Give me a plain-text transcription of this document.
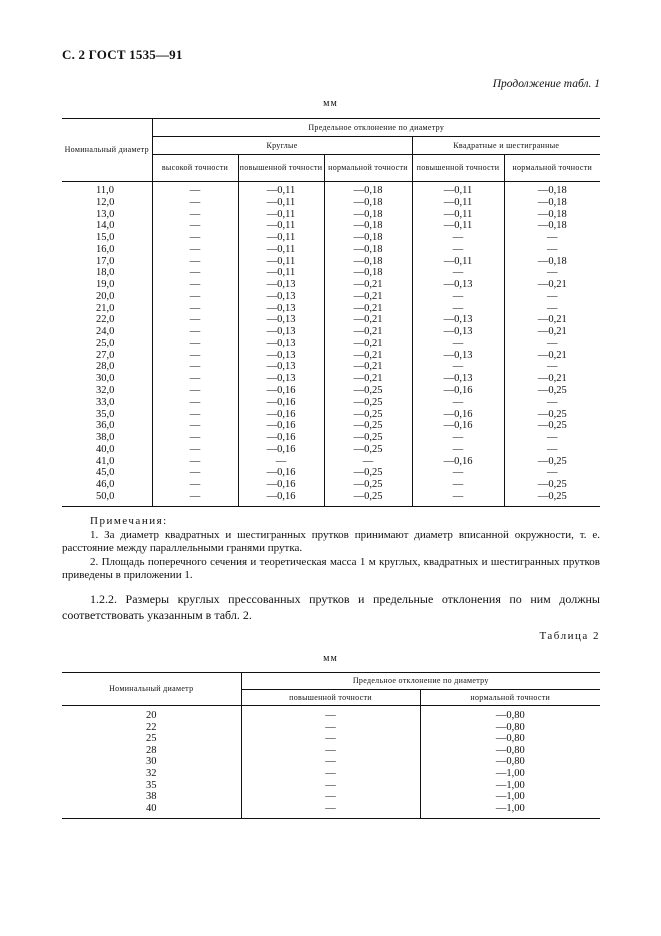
С. 2 ГОСТ 1535—91
Продолжение табл. 1
мм
Номинальный диаметр	Предельное отклонение по диаметру				
	Круглые			Квадратные и шестигранные	
	высокой точности	повышенной точности	нормальной точности	повышенной точности	нормальной точности
11,0	—	—0,11	—0,18	—0,11	—0,18
12,0	—	—0,11	—0,18	—0,11	—0,18
13,0	—	—0,11	—0,18	—0,11	—0,18
14,0	—	—0,11	—0,18	—0,11	—0,18
15,0	—	—0,11	—0,18	—	—
16,0	—	—0,11	—0,18	—	—
17,0	—	—0,11	—0,18	—0,11	—0,18
18,0	—	—0,11	—0,18	—	—
19,0	—	—0,13	—0,21	—0,13	—0,21
20,0	—	—0,13	—0,21	—	—
21,0	—	—0,13	—0,21	—	—
22,0	—	—0,13	—0,21	—0,13	—0,21
24,0	—	—0,13	—0,21	—0,13	—0,21
25,0	—	—0,13	—0,21	—	—
27,0	—	—0,13	—0,21	—0,13	—0,21
28,0	—	—0,13	—0,21	—	—
30,0	—	—0,13	—0,21	—0,13	—0,21
32,0	—	—0,16	—0,25	—0,16	—0,25
33,0	—	—0,16	—0,25	—	—
35,0	—	—0,16	—0,25	—0,16	—0,25
36,0	—	—0,16	—0,25	—0,16	—0,25
38,0	—	—0,16	—0,25	—	—
40,0	—	—0,16	—0,25	—	—
41,0	—	—	—	—0,16	—0,25
45,0	—	—0,16	—0,25	—	—
46,0	—	—0,16	—0,25	—	—0,25
50,0	—	—0,16	—0,25	—	—0,25
Примечания:

1. За диаметр квадратных и шестигранных прутков принимают диаметр вписанной окружности, т. е. расстояние между параллельными гранями прутка.

2. Площадь поперечного сечения и теоретическая масса 1 м круглых, квадратных и шестигранных прутков приведены в приложении 1.

1.2.2. Размеры круглых прессованных прутков и предельные отклонения по ним должны соответствовать указанным в табл. 2.

Таблица 2
мм
Номинальный диаметр	Предельное отклонение по диаметру	
	повышенной точности	нормальной точности
20	—	—0,80
22	—	—0,80
25	—	—0,80
28	—	—0,80
30	—	—0,80
32	—	—1,00
35	—	—1,00
38	—	—1,00
40	—	—1,00
